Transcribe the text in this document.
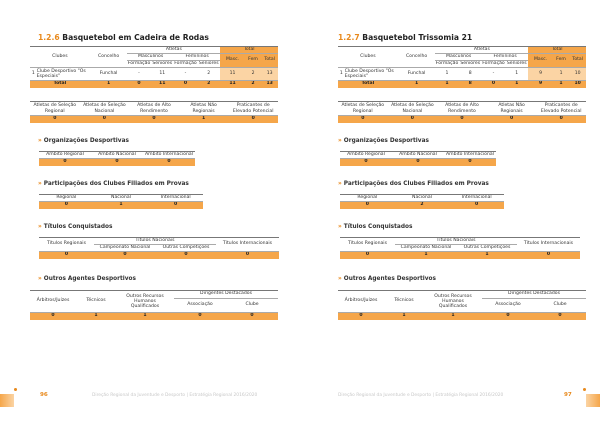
1.2.6 Basquetebol em Cadeira de Rodas
Clubes		Concelho	Atletas				Total		
			Masculinos		Femininos		Masc.	Fem	Total
			Formação	Seniores	Formação	Seniores			
1	Clube Desportivo "Os Especiais"	Funchal	-	11	-	2	11	2	13
Total		1	0	11	0	2	11	2	13
Atletas de Seleção Regional	Atletas de Seleção Nacional	Atletas de Alto Rendimento	Atletas Não Regionais	Praticantes de Elevado Potencial
0	0	0	1	0
» Organizações Desportivas
Âmbito Regional	Âmbito Nacional	Âmbito Internacional
0	0	0
» Participações dos Clubes Filiados em Provas
Regional	Nacional	Internacional
0	1	0
» Títulos Conquistados
Títulos Regionais	Títulos Nacionais		Títulos Internacionais
	Campeonato Nacional	Outras Competições	
0	0	0	0
» Outros Agentes Desportivos
Árbitros/Juízes	Técnicos	Outros Recursos Humanos Qualificados	Dirigentes Destacados	
			Associação	Clube
0	1	1	0	0
96	Direção Regional da Juventude e Desporto | Estratégia Regional 2016/2020
1.2.7 Basquetebol Trissomia 21
Clubes		Concelho	Atletas				Total		
			Masculinos		Femininos		Masc.	Fem	Total
			Formação	Seniores	Formação	Seniores			
1	Clube Desportivo "Os Especiais"	Funchal	1	8	-	1	9	1	10
Total		1	1	8	0	1	9	1	10
Atletas de Seleção Regional	Atletas de Seleção Nacional	Atletas de Alto Rendimento	Atletas Não Regionais	Praticantes de Elevado Potencial
0	0	0	0	0
» Organizações Desportivas
Âmbito Regional	Âmbito Nacional	Âmbito Internacional
0	0	0
» Participações dos Clubes Filiados em Provas
Regional	Nacional	Internacional
0	2	0
» Títulos Conquistados
Títulos Regionais	Títulos Nacionais		Títulos Internacionais
	Campeonato Nacional	Outras Competições	
0	1	1	0
» Outros Agentes Desportivos
Árbitros/Juízes	Técnicos	Outros Recursos Humanos Qualificados	Dirigentes Destacados	
			Associação	Clube
0	1	1	0	0
Direção Regional da Juventude e Desporto | Estratégia Regional 2016/2020	97
